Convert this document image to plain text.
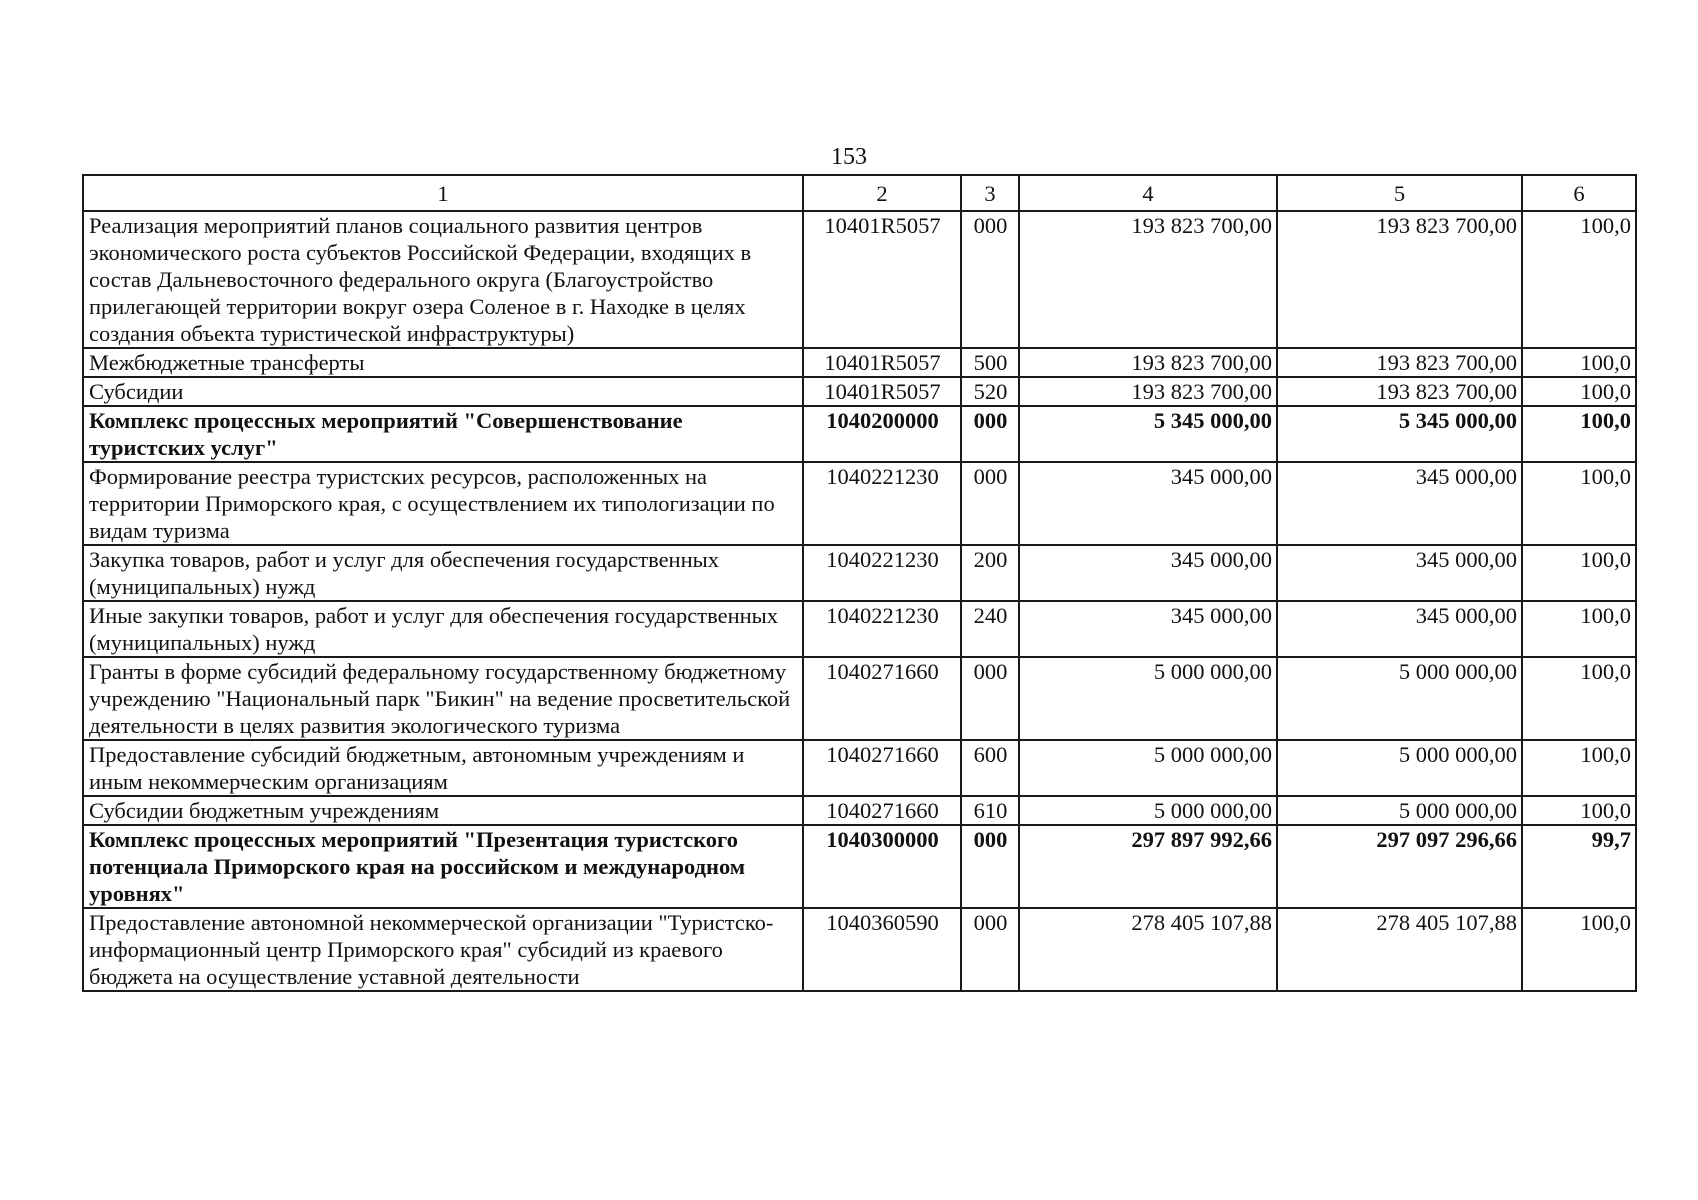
153
1	2	3	4	5	6
Реализация мероприятий планов социального развития центров экономического роста субъектов Российской Федерации, входящих в состав Дальневосточного федерального округа (Благоустройство прилегающей территории вокруг озера Соленое в г. Находке в целях создания объекта туристической инфраструктуры)	10401R5057	000	193 823 700,00	193 823 700,00	100,0
Межбюджетные трансферты	10401R5057	500	193 823 700,00	193 823 700,00	100,0
Субсидии	10401R5057	520	193 823 700,00	193 823 700,00	100,0
Комплекс процессных мероприятий "Совершенствование туристских услуг"	1040200000	000	5 345 000,00	5 345 000,00	100,0
Формирование реестра туристских ресурсов, расположенных на территории Приморского края, с осуществлением их типологизации по видам туризма	1040221230	000	345 000,00	345 000,00	100,0
Закупка товаров, работ и услуг для обеспечения государственных (муниципальных) нужд	1040221230	200	345 000,00	345 000,00	100,0
Иные закупки товаров, работ и услуг для обеспечения государственных (муниципальных) нужд	1040221230	240	345 000,00	345 000,00	100,0
Гранты в форме субсидий федеральному государственному бюджетному учреждению "Национальный парк "Бикин" на ведение просветительской деятельности в целях развития экологического туризма	1040271660	000	5 000 000,00	5 000 000,00	100,0
Предоставление субсидий бюджетным, автономным учреждениям и иным некоммерческим организациям	1040271660	600	5 000 000,00	5 000 000,00	100,0
Субсидии бюджетным учреждениям	1040271660	610	5 000 000,00	5 000 000,00	100,0
Комплекс процессных мероприятий "Презентация туристского потенциала Приморского края на российском и международном уровнях"	1040300000	000	297 897 992,66	297 097 296,66	99,7
Предоставление автономной некоммерческой организации "Туристско-информационный центр Приморского края" субсидий из краевого бюджета на осуществление уставной деятельности	1040360590	000	278 405 107,88	278 405 107,88	100,0
